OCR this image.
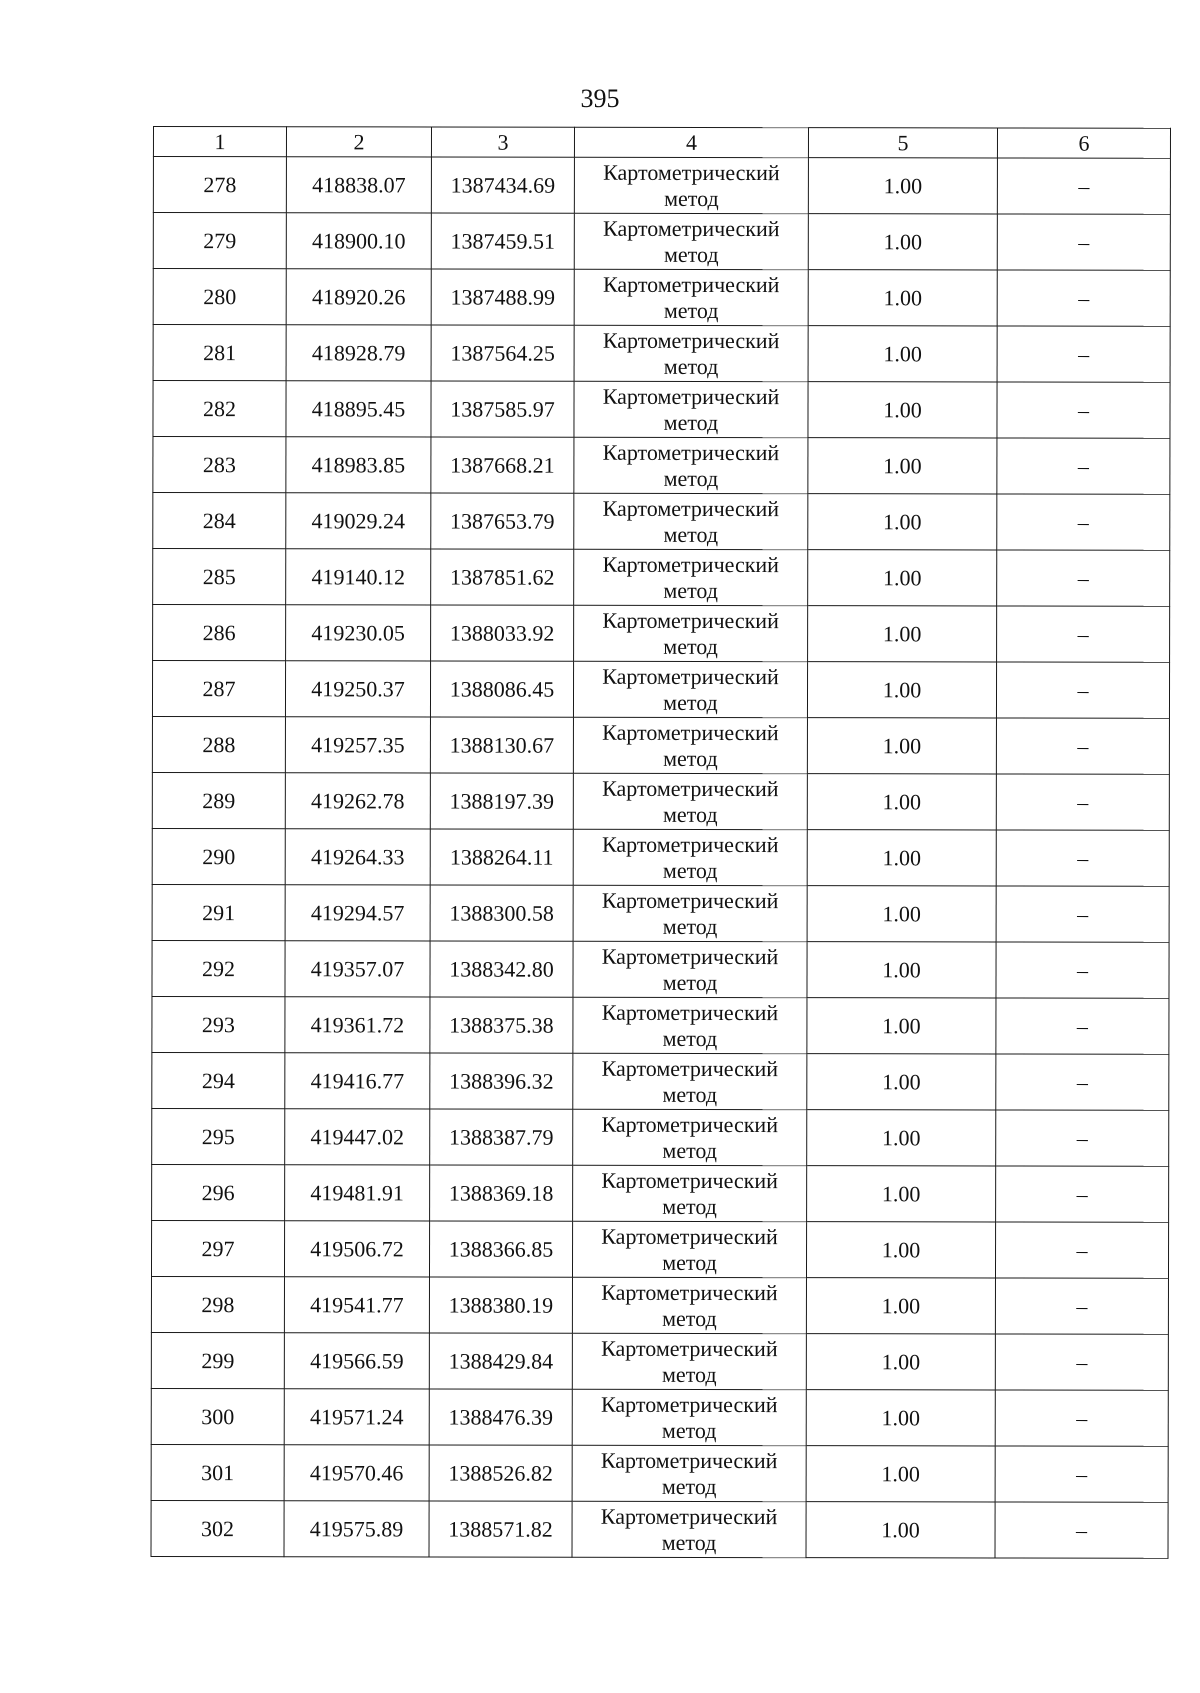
395
1	2	3	4	5	6
278	418838.07	1387434.69	Картометрический метод	1.00	–
279	418900.10	1387459.51	Картометрический метод	1.00	–
280	418920.26	1387488.99	Картометрический метод	1.00	–
281	418928.79	1387564.25	Картометрический метод	1.00	–
282	418895.45	1387585.97	Картометрический метод	1.00	–
283	418983.85	1387668.21	Картометрический метод	1.00	–
284	419029.24	1387653.79	Картометрический метод	1.00	–
285	419140.12	1387851.62	Картометрический метод	1.00	–
286	419230.05	1388033.92	Картометрический метод	1.00	–
287	419250.37	1388086.45	Картометрический метод	1.00	–
288	419257.35	1388130.67	Картометрический метод	1.00	–
289	419262.78	1388197.39	Картометрический метод	1.00	–
290	419264.33	1388264.11	Картометрический метод	1.00	–
291	419294.57	1388300.58	Картометрический метод	1.00	–
292	419357.07	1388342.80	Картометрический метод	1.00	–
293	419361.72	1388375.38	Картометрический метод	1.00	–
294	419416.77	1388396.32	Картометрический метод	1.00	–
295	419447.02	1388387.79	Картометрический метод	1.00	–
296	419481.91	1388369.18	Картометрический метод	1.00	–
297	419506.72	1388366.85	Картометрический метод	1.00	–
298	419541.77	1388380.19	Картометрический метод	1.00	–
299	419566.59	1388429.84	Картометрический метод	1.00	–
300	419571.24	1388476.39	Картометрический метод	1.00	–
301	419570.46	1388526.82	Картометрический метод	1.00	–
302	419575.89	1388571.82	Картометрический метод	1.00	–
